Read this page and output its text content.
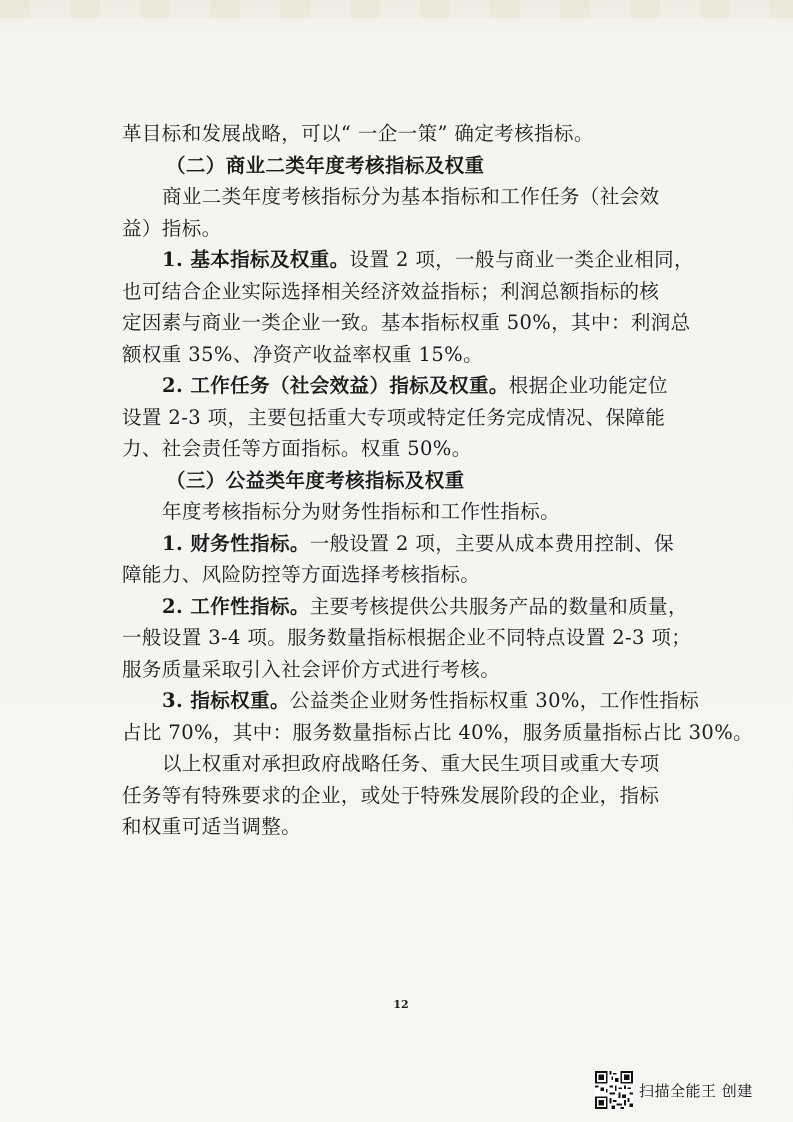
革目标和发展战略，可以“ 一企一策” 确定考核指标。
（二）商业二类年度考核指标及权重
商业二类年度考核指标分为基本指标和工作任务（社会效
益）指标。
1. 基本指标及权重。设置 2 项，一般与商业一类企业相同，
也可结合企业实际选择相关经济效益指标；利润总额指标的核
定因素与商业一类企业一致。基本指标权重 50%，其中：利润总
额权重 35%、净资产收益率权重 15%。
2. 工作任务（社会效益）指标及权重。根据企业功能定位
设置 2-3 项，主要包括重大专项或特定任务完成情况、保障能
力、社会责任等方面指标。权重 50%。
（三）公益类年度考核指标及权重
年度考核指标分为财务性指标和工作性指标。
1. 财务性指标。一般设置 2 项，主要从成本费用控制、保
障能力、风险防控等方面选择考核指标。
2. 工作性指标。主要考核提供公共服务产品的数量和质量，
一般设置 3-4 项。服务数量指标根据企业不同特点设置 2-3 项；
服务质量采取引入社会评价方式进行考核。
3. 指标权重。公益类企业财务性指标权重 30%，工作性指标
占比 70%，其中：服务数量指标占比 40%，服务质量指标占比 30%。
以上权重对承担政府战略任务、重大民生项目或重大专项
任务等有特殊要求的企业，或处于特殊发展阶段的企业，指标
和权重可适当调整。
12
扫描全能王 创建
